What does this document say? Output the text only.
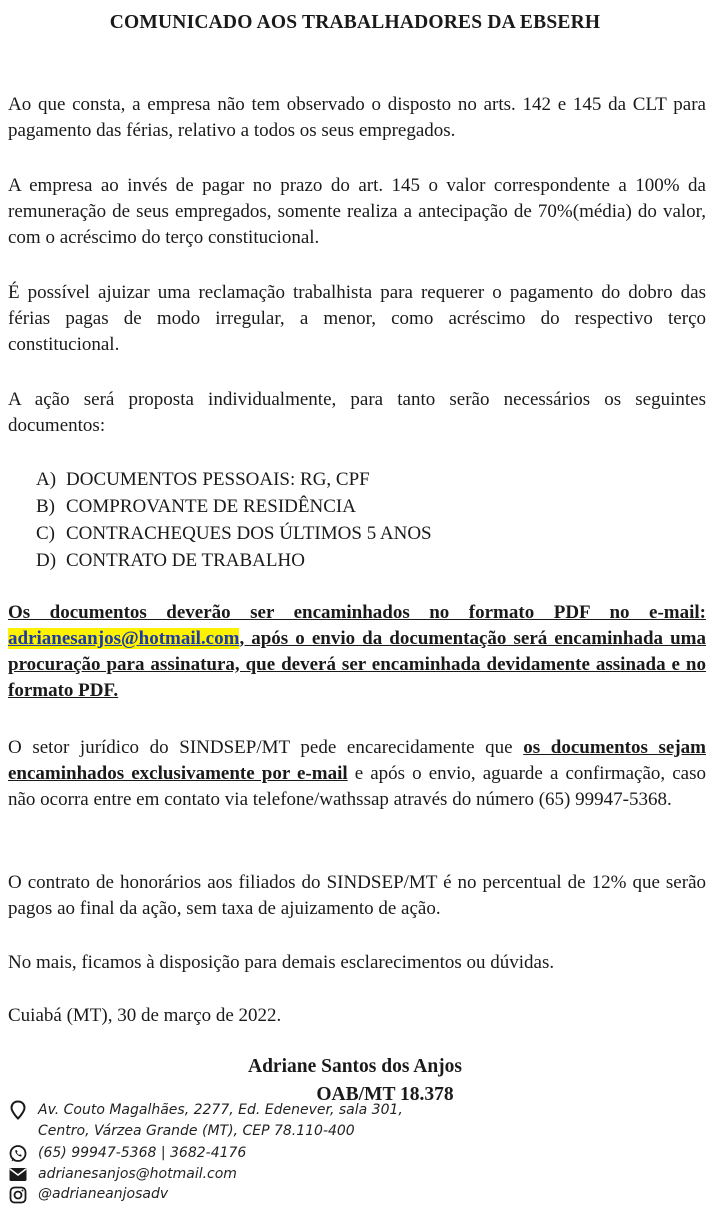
COMUNICADO AOS TRABALHADORES DA EBSERH

Ao que consta, a empresa não tem observado o disposto no arts. 142 e 145 da CLT para pagamento das férias, relativo a todos os seus empregados.

A empresa ao invés de pagar no prazo do art. 145 o valor correspondente a 100% da remuneração de seus empregados, somente realiza a antecipação de 70%(média) do valor, com o acréscimo do terço constitucional.

É possível ajuizar uma reclamação trabalhista para requerer o pagamento do dobro das férias pagas de modo irregular, a menor, como acréscimo do respectivo terço constitucional.

A ação será proposta individualmente, para tanto serão necessários os seguintes documentos:

A) DOCUMENTOS PESSOAIS: RG, CPF
B) COMPROVANTE DE RESIDÊNCIA
C) CONTRACHEQUES DOS ÚLTIMOS 5 ANOS
D) CONTRATO DE TRABALHO

Os documentos deverão ser encaminhados no formato PDF no e-mail: adrianesanjos@hotmail.com, após o envio da documentação será encaminhada uma procuração para assinatura, que deverá ser encaminhada devidamente assinada e no formato PDF.

O setor jurídico do SINDSEP/MT pede encarecidamente que os documentos sejam encaminhados exclusivamente por e-mail e após o envio, aguarde a confirmação, caso não ocorra entre em contato via telefone/wathssap através do número (65) 99947-5368.

O contrato de honorários aos filiados do SINDSEP/MT é no percentual de 12% que serão pagos ao final da ação, sem taxa de ajuizamento de ação.

No mais, ficamos à disposição para demais esclarecimentos ou dúvidas.

Cuiabá (MT), 30 de março de 2022.

Adriane Santos dos Anjos
OAB/MT 18.378
Av. Couto Magalhães, 2277, Ed. Edenever, sala 301,
Centro, Várzea Grande (MT), CEP 78.110-400
(65) 99947-5368 | 3682-4176
adrianesanjos@hotmail.com
@adrianeanjosadv
